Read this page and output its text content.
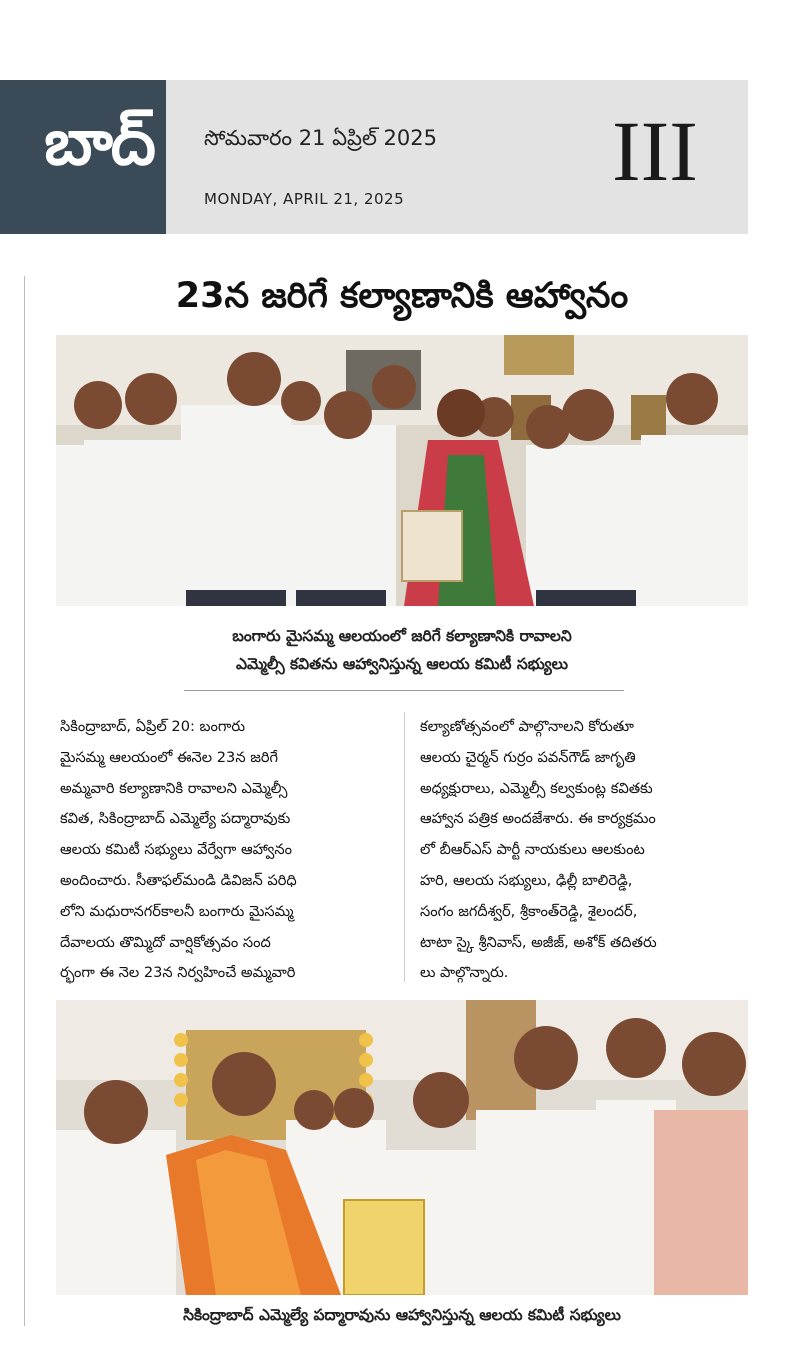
బాద్ సోమవారం 21 ఏప్రిల్ 2025
MONDAY, APRIL 21, 2025 III
23న జరిగే కల్యాణానికి ఆహ్వానం
బంగారు మైసమ్మ ఆలయంలో జరిగే కల్యాణానికి రావాలని
ఎమ్మెల్సీ కవితను ఆహ్వానిస్తున్న ఆలయ కమిటీ సభ్యులు
సికింద్రాబాద్, ఏప్రిల్ 20: బంగారు
మైసమ్మ ఆలయంలో ఈనెల 23న జరిగే
అమ్మవారి కల్యాణానికి రావాలని ఎమ్మెల్సీ
కవిత, సికింద్రాబాద్ ఎమ్మెల్యే పద్మారావుకు
ఆలయ కమిటీ సభ్యులు వేర్వేగా ఆహ్వానం
అందించారు. సీతాఫల్‌మండి డివిజన్ పరిధి
లోని మధురానగర్‌కాలనీ బంగారు మైసమ్మ
దేవాలయ తొమ్మిదో వార్షికోత్సవం సంద
ర్భంగా ఈ నెల 23న నిర్వహించే అమ్మవారి
కల్యాణోత్సవంలో పాల్గొనాలని కోరుతూ
ఆలయ చైర్మన్ గుర్రం పవన్‌గౌడ్ జాగృతి
అధ్యక్షురాలు, ఎమ్మెల్సీ కల్వకుంట్ల కవితకు
ఆహ్వాన పత్రిక అందజేశారు. ఈ కార్యక్రమం
లో బీఆర్ఎస్ పార్టీ నాయకులు ఆలకుంట
హరి, ఆలయ సభ్యులు, ఢిల్లీ బాలిరెడ్డి,
సంగం జగదీశ్వర్, శ్రీకాంత్‌రెడ్డి, శైలందర్,
టాటా స్కై శ్రీనివాస్, అజీజ్, అశోక్ తదితరు
లు పాల్గొన్నారు.
సికింద్రాబాద్ ఎమ్మెల్యే పద్మారావును ఆహ్వానిస్తున్న ఆలయ కమిటీ సభ్యులు
